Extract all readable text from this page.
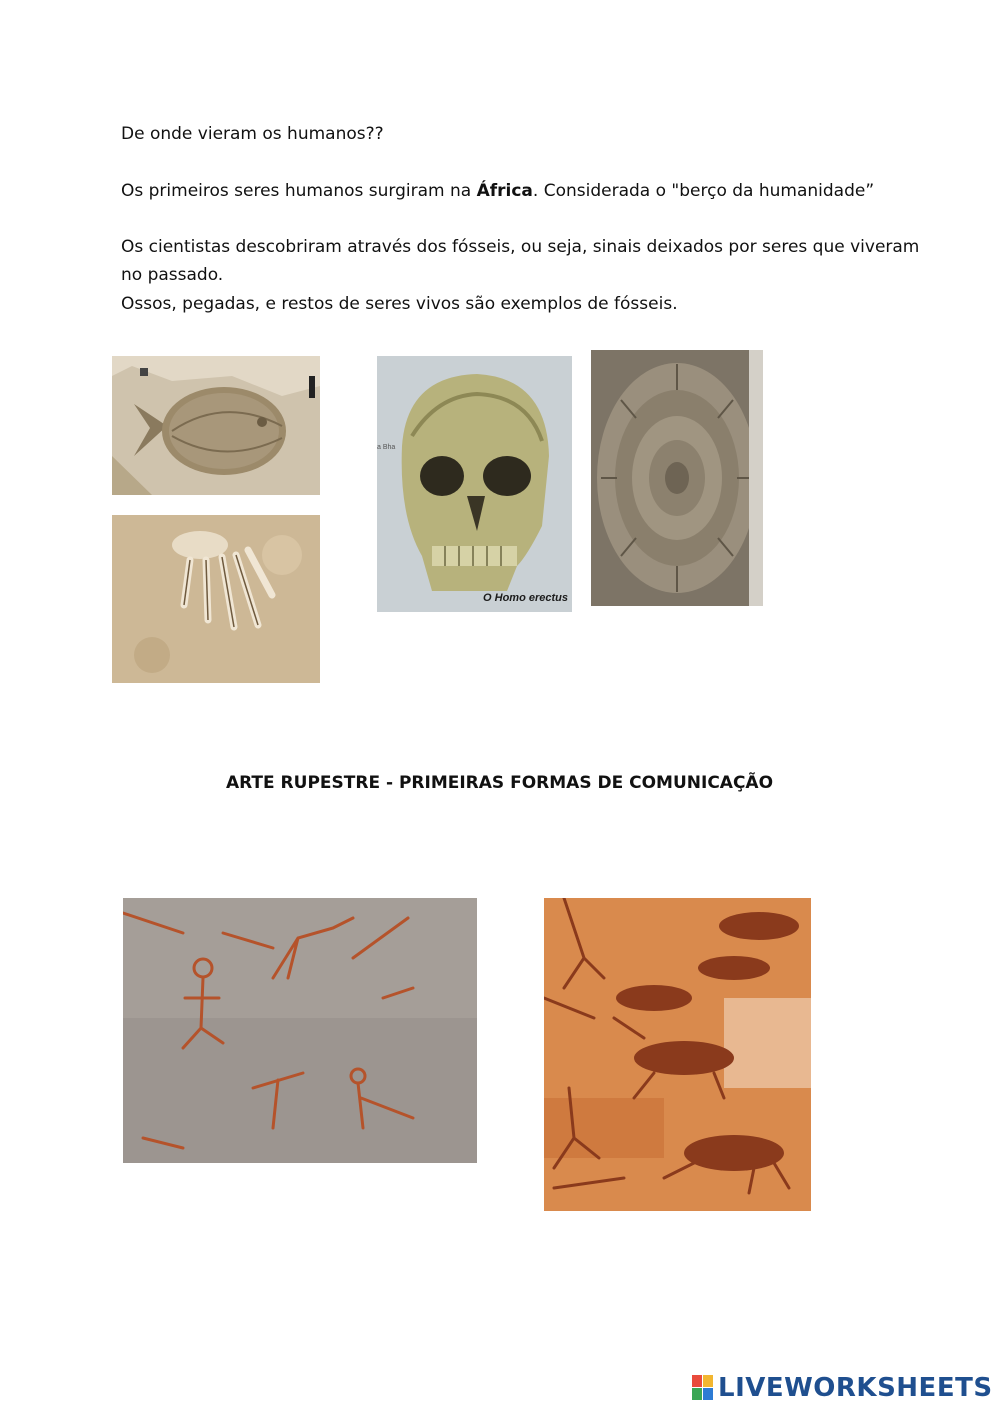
De onde vieram os humanos??
Os primeiros seres humanos surgiram na África. Considerada o "berço da humanidade”
Os cientistas descobriram através dos fósseis, ou seja, sinais deixados por seres que viveram
no passado.
Ossos, pegadas, e restos de seres vivos são exemplos de fósseis.
a Bha
O Homo erectus
ARTE RUPESTRE - PRIMEIRAS FORMAS DE COMUNICAÇÃO
LIVEWORKSHEETS
